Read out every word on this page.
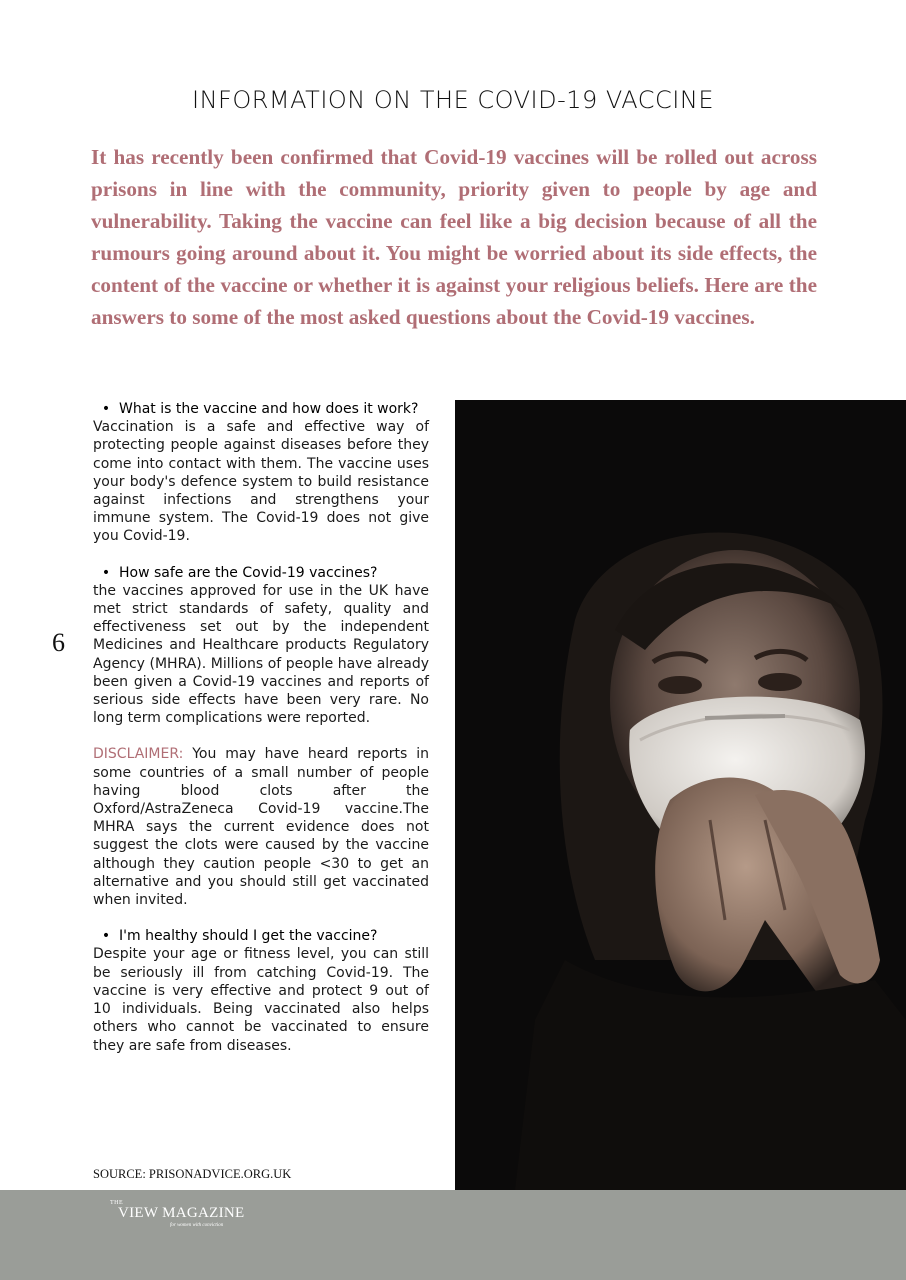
INFORMATION ON THE COVID-19 VACCINE
It has recently been confirmed that Covid-19 vaccines will be rolled out across prisons in line with the community, priority given to people by age and vulnerability. Taking the vaccine can feel like a big decision because of all the rumours going around about it. You might be worried about its side effects, the content of the vaccine or whether it is against your religious beliefs. Here are the answers to some of the most asked questions about the Covid-19 vaccines.
6
• What is the vaccine and how does it work?

Vaccination is a safe and effective way of protecting people against diseases before they come into contact with them. The vaccine uses your body's defence system to build resistance against infections and strengthens your immune system. The Covid-19 does not give you Covid-19.

• How safe are the Covid-19 vaccines?

the vaccines approved for use in the UK have met strict standards of safety, quality and effectiveness set out by the independent Medicines and Healthcare products Regulatory Agency (MHRA). Millions of people have already been given a Covid-19 vaccines and reports of serious side effects have been very rare. No long term complications were reported.

DISCLAIMER: You may have heard reports in some countries of a small number of people having blood clots after the Oxford/AstraZeneca Covid-19 vaccine.The MHRA says the current evidence does not suggest the clots were caused by the vaccine although they caution people <30 to get an alternative and you should still get vaccinated when invited.

• I'm healthy should I get the vaccine?

Despite your age or fitness level, you can still be seriously ill from catching Covid-19. The vaccine is very effective and protect 9 out of 10 individuals. Being vaccinated also helps others who cannot be vaccinated to ensure they are safe from diseases.

SOURCE: PRISONADVICE.ORG.UK
THE
VIEW MAGAZINE
for women with conviction
